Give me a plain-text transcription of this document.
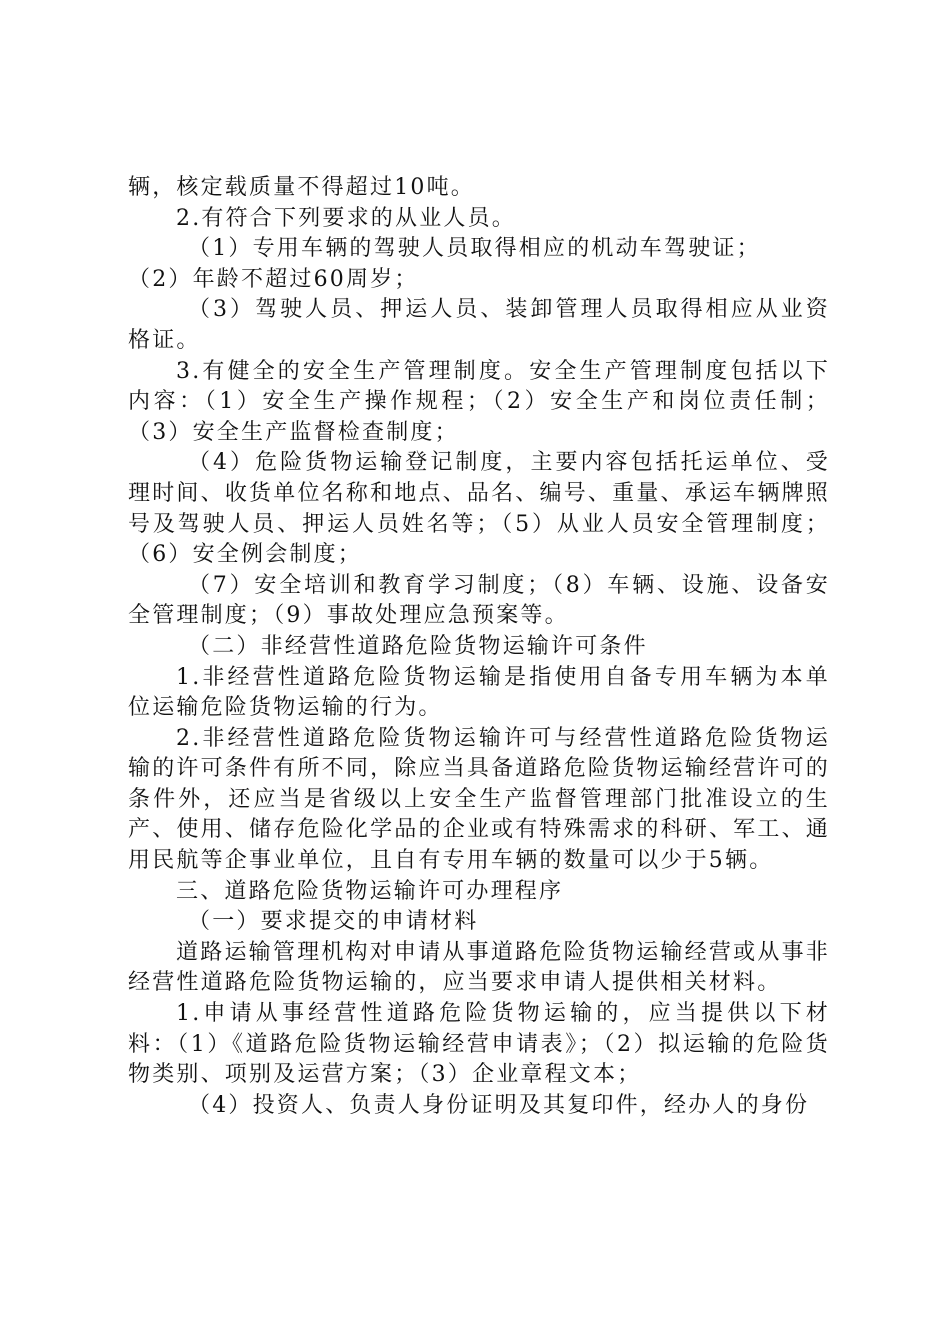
辆，核定载质量不得超过10吨。

2.有符合下列要求的从业人员。

（1）专用车辆的驾驶人员取得相应的机动车驾驶证；

（2）年龄不超过60周岁；

（3）驾驶人员、押运人员、装卸管理人员取得相应从业资格证。

3.有健全的安全生产管理制度。安全生产管理制度包括以下内容：（1）安全生产操作规程；（2）安全生产和岗位责任制；（3）安全生产监督检查制度；

（4）危险货物运输登记制度，主要内容包括托运单位、受理时间、收货单位名称和地点、品名、编号、重量、承运车辆牌照号及驾驶人员、押运人员姓名等；（5）从业人员安全管理制度；（6）安全例会制度；

（7）安全培训和教育学习制度；（8）车辆、设施、设备安全管理制度；（9）事故处理应急预案等。

（二）非经营性道路危险货物运输许可条件

1.非经营性道路危险货物运输是指使用自备专用车辆为本单位运输危险货物运输的行为。

2.非经营性道路危险货物运输许可与经营性道路危险货物运输的许可条件有所不同，除应当具备道路危险货物运输经营许可的条件外，还应当是省级以上安全生产监督管理部门批准设立的生产、使用、储存危险化学品的企业或有特殊需求的科研、军工、通用民航等企事业单位，且自有专用车辆的数量可以少于5辆。

三、道路危险货物运输许可办理程序

（一）要求提交的申请材料

道路运输管理机构对申请从事道路危险货物运输经营或从事非经营性道路危险货物运输的，应当要求申请人提供相关材料。

1.申请从事经营性道路危险货物运输的，应当提供以下材料：（1）《道路危险货物运输经营申请表》；（2）拟运输的危险货物类别、项别及运营方案；（3）企业章程文本；

（4）投资人、负责人身份证明及其复印件，经办人的身份
